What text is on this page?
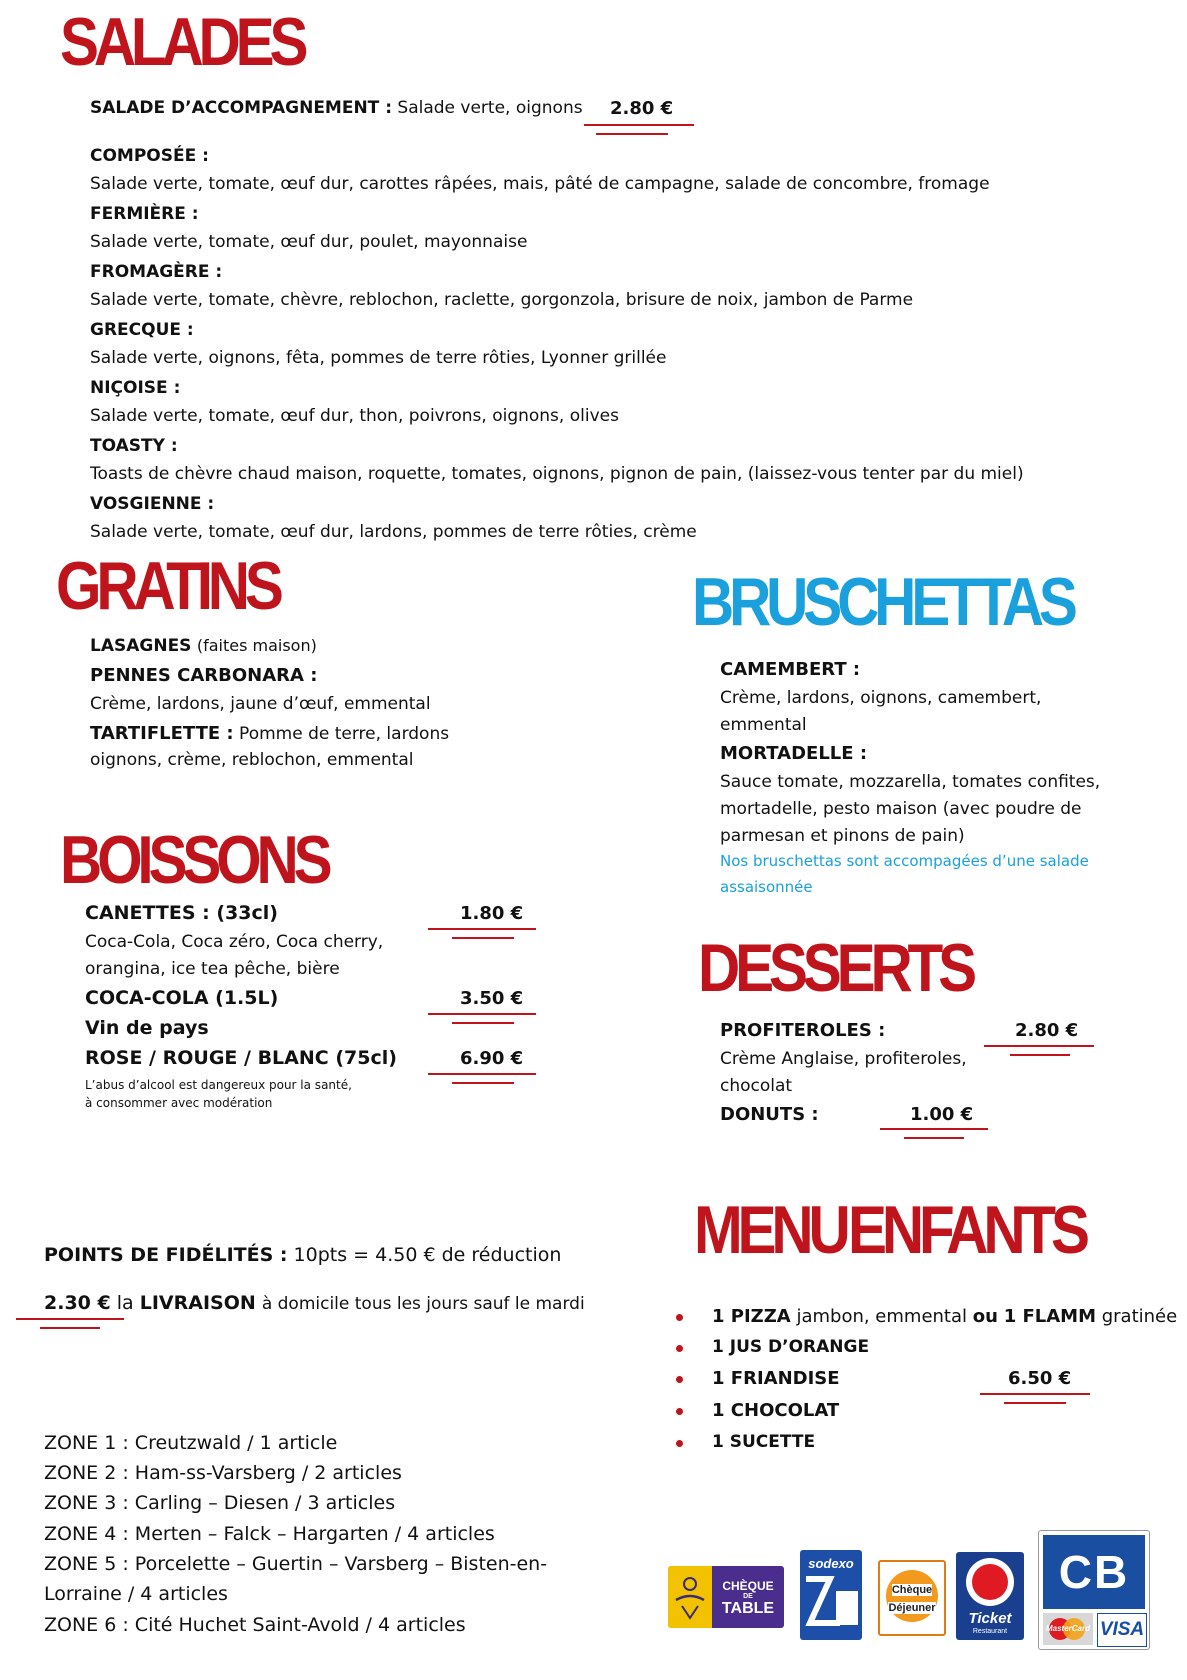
SALADES
SALADE D’ACCOMPAGNEMENT : Salade verte, oignons 2.80 €
COMPOSÉE :
Salade verte, tomate, œuf dur, carottes râpées, mais, pâté de campagne, salade de concombre, fromage
FERMIÈRE :
Salade verte, tomate, œuf dur, poulet, mayonnaise
FROMAGÈRE :
Salade verte, tomate, chèvre, reblochon, raclette, gorgonzola, brisure de noix, jambon de Parme
GRECQUE :
Salade verte, oignons, fêta, pommes de terre rôties, Lyonner grillée
NIÇOISE :
Salade verte, tomate, œuf dur, thon, poivrons, oignons, olives
TOASTY :
Toasts de chèvre chaud maison, roquette, tomates, oignons, pignon de pain, (laissez-vous tenter par du miel)
VOSGIENNE :
Salade verte, tomate, œuf dur, lardons, pommes de terre rôties, crème
GRATINS
LASAGNES (faites maison)
PENNES CARBONARA :
Crème, lardons, jaune d’œuf, emmental
TARTIFLETTE : Pomme de terre, lardons
oignons, crème, reblochon, emmental
BRUSCHETTAS
CAMEMBERT :
Crème, lardons, oignons, camembert,
emmental
MORTADELLE :
Sauce tomate, mozzarella, tomates confites,
mortadelle, pesto maison (avec poudre de
parmesan et pinons de pain)
Nos bruschettas sont accompagées d’une salade
assaisonnée
BOISSONS
CANETTES : (33cl)
Coca-Cola, Coca zéro, Coca cherry,
orangina, ice tea pêche, bière
COCA-COLA (1.5L)
Vin de pays
ROSE / ROUGE / BLANC (75cl)
L’abus d’alcool est dangereux pour la santé,
à consommer avec modération
1.80 €
3.50 €
6.90 €
DESSERTS
PROFITEROLES :
Crème Anglaise, profiteroles,
chocolat
DONUTS :
2.80 €
1.00 €
POINTS DE FIDÉLITÉS : 10pts = 4.50 € de réduction
2.30 € la LIVRAISON à domicile tous les jours sauf le mardi
ZONE 1 : Creutzwald / 1 article
ZONE 2 : Ham-ss-Varsberg / 2 articles
ZONE 3 : Carling – Diesen / 3 articles
ZONE 4 : Merten – Falck – Hargarten / 4 articles
ZONE 5 : Porcelette – Guertin – Varsberg – Bisten-en-
Lorraine / 4 articles
ZONE 6 : Cité Huchet Saint-Avold / 4 articles
MENU ENFANTS
1 PIZZA jambon, emmental ou 1 FLAMM gratinée
1 JUS D’ORANGE
1 FRIANDISE
1 CHOCOLAT
1 SUCETTE
6.50 €
CHÈQUE
DE
TABLE
sodexo
Chèque
Déjeuner
Ticket
Restaurant
CB
MasterCard VISA
